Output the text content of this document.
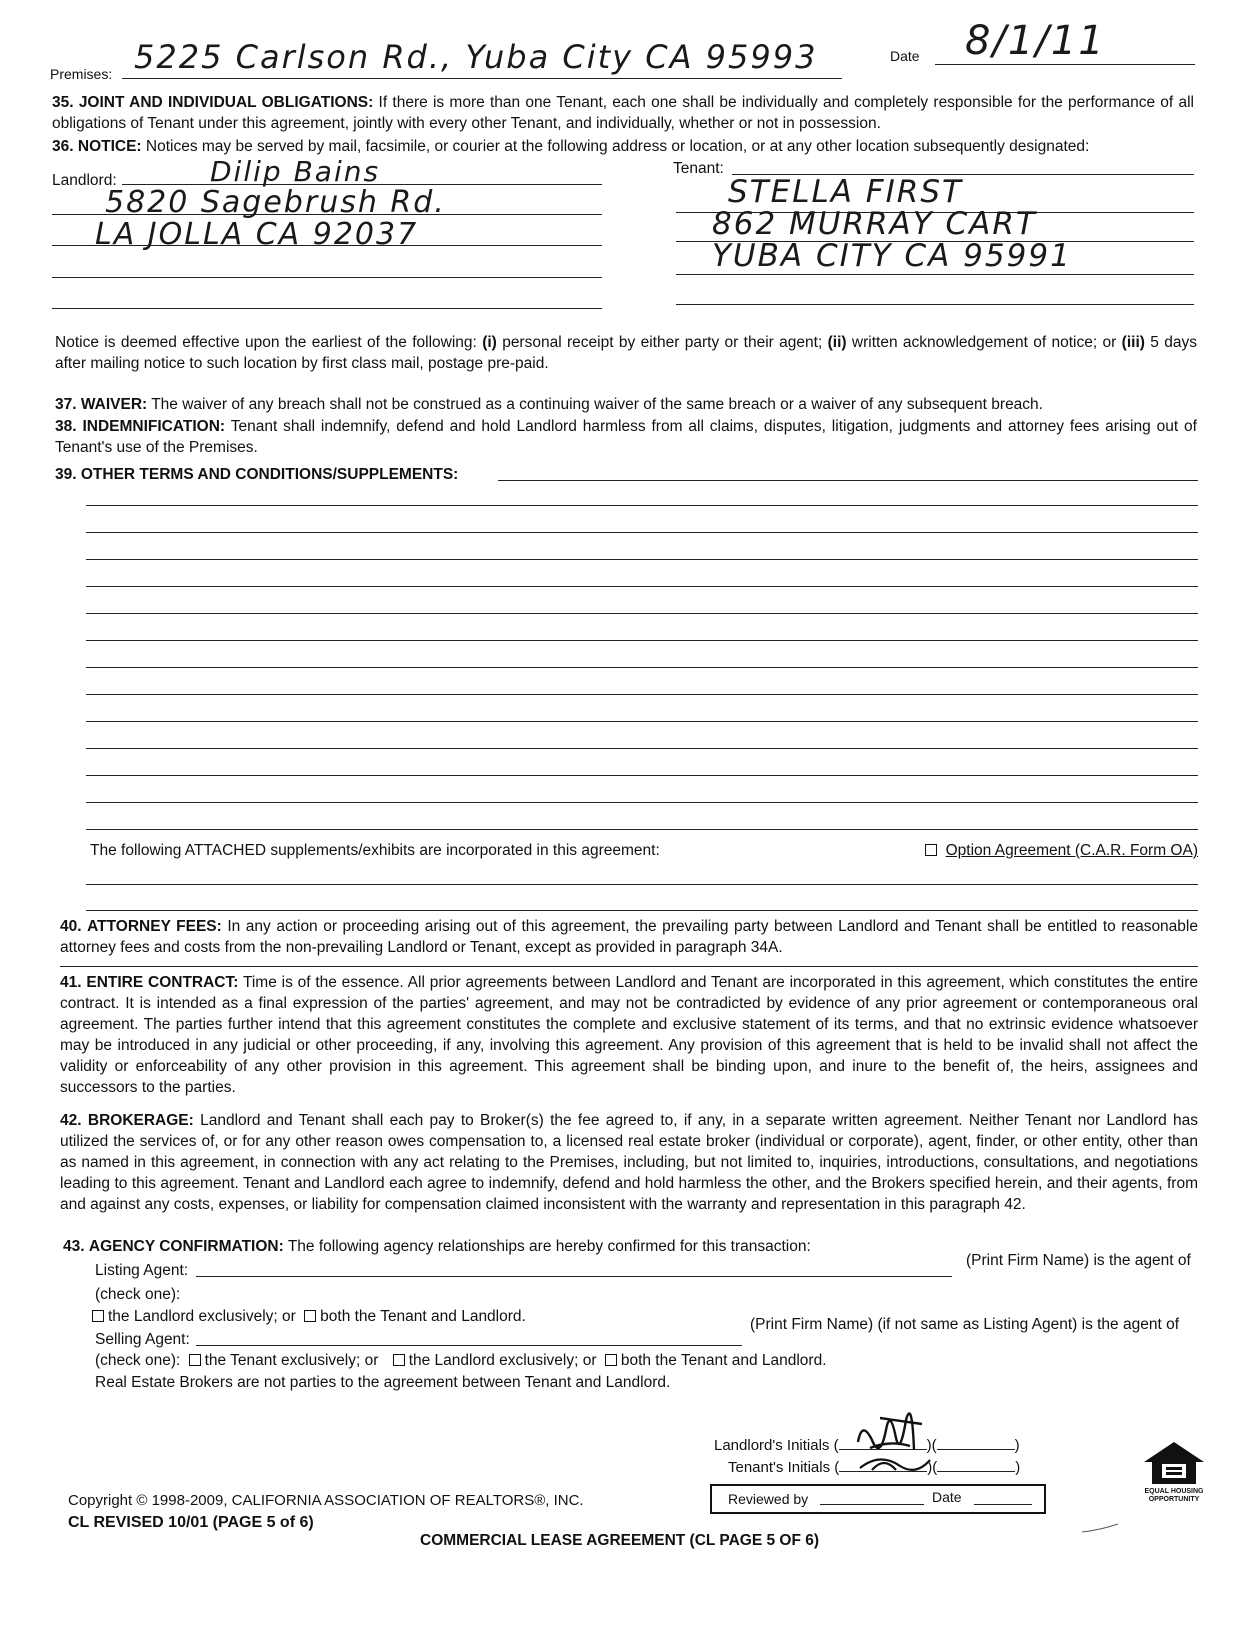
Premises: 5225 Carlson Rd., Yuba City CA 95993	Date 8/1/11
35. JOINT AND INDIVIDUAL OBLIGATIONS: If there is more than one Tenant, each one shall be individually and completely responsible for the performance of all obligations of Tenant under this agreement, jointly with every other Tenant, and individually, whether or not in possession.
36. NOTICE: Notices may be served by mail, facsimile, or courier at the following address or location, or at any other location subsequently designated:
Landlord:	Dilip Bains
5820 Sagebrush Rd.
LA JOLLA CA 92037
Tenant:
STELLA FIRST
862 MURRAY CART
YUBA CITY CA 95991
Notice is deemed effective upon the earliest of the following: (i) personal receipt by either party or their agent; (ii) written acknowledgement of notice; or (iii) 5 days after mailing notice to such location by first class mail, postage pre-paid.
37. WAIVER: The waiver of any breach shall not be construed as a continuing waiver of the same breach or a waiver of any subsequent breach.
38. INDEMNIFICATION: Tenant shall indemnify, defend and hold Landlord harmless from all claims, disputes, litigation, judgments and attorney fees arising out of Tenant's use of the Premises.
39. OTHER TERMS AND CONDITIONS/SUPPLEMENTS:
The following ATTACHED supplements/exhibits are incorporated in this agreement:	Option Agreement (C.A.R. Form OA)
40. ATTORNEY FEES: In any action or proceeding arising out of this agreement, the prevailing party between Landlord and Tenant shall be entitled to reasonable attorney fees and costs from the non-prevailing Landlord or Tenant, except as provided in paragraph 34A.
41. ENTIRE CONTRACT: Time is of the essence. All prior agreements between Landlord and Tenant are incorporated in this agreement, which constitutes the entire contract. It is intended as a final expression of the parties' agreement, and may not be contradicted by evidence of any prior agreement or contemporaneous oral agreement. The parties further intend that this agreement constitutes the complete and exclusive statement of its terms, and that no extrinsic evidence whatsoever may be introduced in any judicial or other proceeding, if any, involving this agreement. Any provision of this agreement that is held to be invalid shall not affect the validity or enforceability of any other provision in this agreement. This agreement shall be binding upon, and inure to the benefit of, the heirs, assignees and successors to the parties.
42. BROKERAGE: Landlord and Tenant shall each pay to Broker(s) the fee agreed to, if any, in a separate written agreement. Neither Tenant nor Landlord has utilized the services of, or for any other reason owes compensation to, a licensed real estate broker (individual or corporate), agent, finder, or other entity, other than as named in this agreement, in connection with any act relating to the Premises, including, but not limited to, inquiries, introductions, consultations, and negotiations leading to this agreement. Tenant and Landlord each agree to indemnify, defend and hold harmless the other, and the Brokers specified herein, and their agents, from and against any costs, expenses, or liability for compensation claimed inconsistent with the warranty and representation in this paragraph 42.
43. AGENCY CONFIRMATION: The following agency relationships are hereby confirmed for this transaction:
Listing Agent:
(Print Firm Name) is the agent of
(check one):
the Landlord exclusively; or both the Tenant and Landlord.
Selling Agent:
(Print Firm Name) (if not same as Listing Agent) is the agent of
(check one): the Tenant exclusively; or the Landlord exclusively; or both the Tenant and Landlord.
Real Estate Brokers are not parties to the agreement between Tenant and Landlord.
Landlord's Initials (	)(	)
Tenant's Initials (	)(	)
Reviewed by	Date	EQUAL HOUSING
OPPORTUNITY
Copyright © 1998-2009, CALIFORNIA ASSOCIATION OF REALTORS®, INC.
CL REVISED 10/01 (PAGE 5 of 6)
COMMERCIAL LEASE AGREEMENT (CL PAGE 5 OF 6)
